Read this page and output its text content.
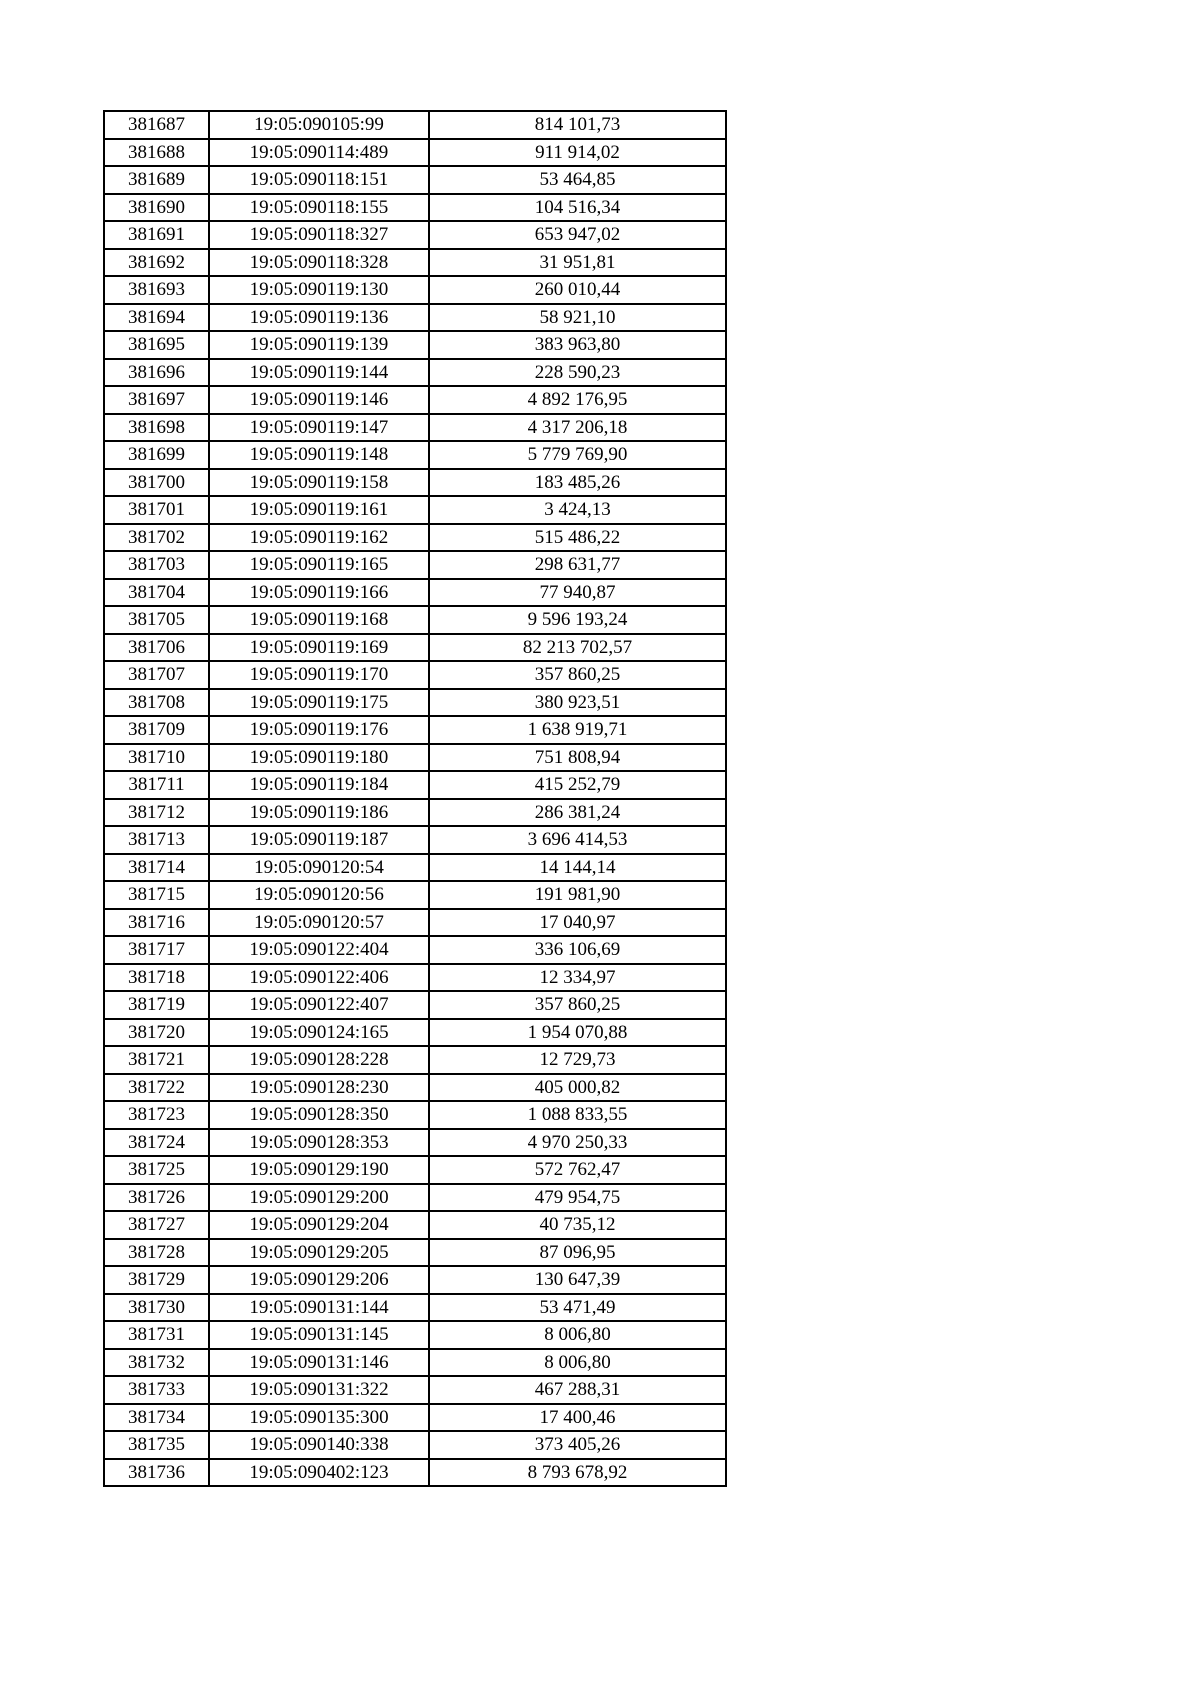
381687	19:05:090105:99	814 101,73
381688	19:05:090114:489	911 914,02
381689	19:05:090118:151	53 464,85
381690	19:05:090118:155	104 516,34
381691	19:05:090118:327	653 947,02
381692	19:05:090118:328	31 951,81
381693	19:05:090119:130	260 010,44
381694	19:05:090119:136	58 921,10
381695	19:05:090119:139	383 963,80
381696	19:05:090119:144	228 590,23
381697	19:05:090119:146	4 892 176,95
381698	19:05:090119:147	4 317 206,18
381699	19:05:090119:148	5 779 769,90
381700	19:05:090119:158	183 485,26
381701	19:05:090119:161	3 424,13
381702	19:05:090119:162	515 486,22
381703	19:05:090119:165	298 631,77
381704	19:05:090119:166	77 940,87
381705	19:05:090119:168	9 596 193,24
381706	19:05:090119:169	82 213 702,57
381707	19:05:090119:170	357 860,25
381708	19:05:090119:175	380 923,51
381709	19:05:090119:176	1 638 919,71
381710	19:05:090119:180	751 808,94
381711	19:05:090119:184	415 252,79
381712	19:05:090119:186	286 381,24
381713	19:05:090119:187	3 696 414,53
381714	19:05:090120:54	14 144,14
381715	19:05:090120:56	191 981,90
381716	19:05:090120:57	17 040,97
381717	19:05:090122:404	336 106,69
381718	19:05:090122:406	12 334,97
381719	19:05:090122:407	357 860,25
381720	19:05:090124:165	1 954 070,88
381721	19:05:090128:228	12 729,73
381722	19:05:090128:230	405 000,82
381723	19:05:090128:350	1 088 833,55
381724	19:05:090128:353	4 970 250,33
381725	19:05:090129:190	572 762,47
381726	19:05:090129:200	479 954,75
381727	19:05:090129:204	40 735,12
381728	19:05:090129:205	87 096,95
381729	19:05:090129:206	130 647,39
381730	19:05:090131:144	53 471,49
381731	19:05:090131:145	8 006,80
381732	19:05:090131:146	8 006,80
381733	19:05:090131:322	467 288,31
381734	19:05:090135:300	17 400,46
381735	19:05:090140:338	373 405,26
381736	19:05:090402:123	8 793 678,92
